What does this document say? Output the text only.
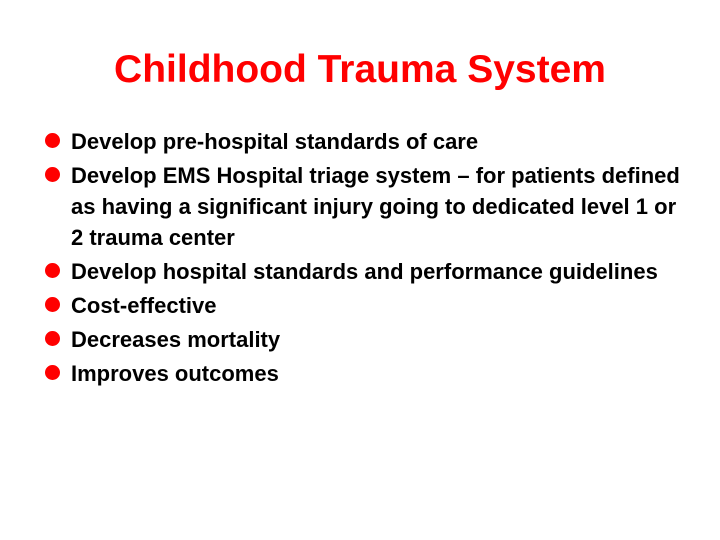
Childhood Trauma System
Develop pre-hospital standards of care
Develop EMS Hospital triage system – for patients defined as having a significant injury going to dedicated level 1 or 2 trauma center
Develop hospital standards and performance guidelines
Cost-effective
Decreases mortality
Improves outcomes
